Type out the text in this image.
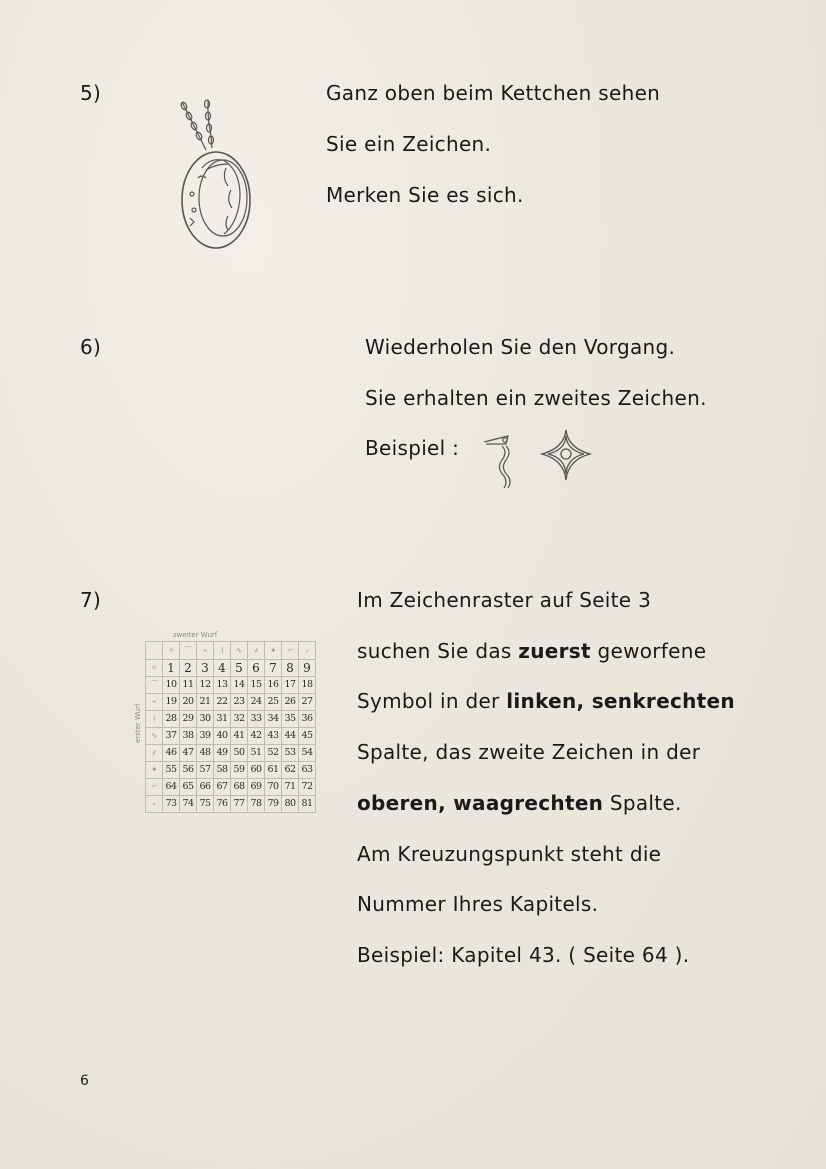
5)	Ganz oben beim Kettchen sehen
Sie ein Zeichen.
Merken Sie es sich.
6)	Wiederholen Sie den Vorgang.
Sie erhalten ein zweites Zeichen.
Beispiel :
7)
zweiter Wurf
erster Wurf
	✧	⌒	⌁	⌇	∿	⸙	✦	⌐	⸗
✧	1	2	3	4	5	6	7	8	9
⌒	10	11	12	13	14	15	16	17	18
⌁	19	20	21	22	23	24	25	26	27
⌇	28	29	30	31	32	33	34	35	36
∿	37	38	39	40	41	42	43	44	45
⸙	46	47	48	49	50	51	52	53	54
✦	55	56	57	58	59	60	61	62	63
⌐	64	65	66	67	68	69	70	71	72
⸗	73	74	75	76	77	78	79	80	81
Im Zeichenraster auf Seite 3
suchen Sie das zuerst geworfene
Symbol in der linken, senkrechten
Spalte, das zweite Zeichen in der
oberen, waagrechten Spalte.
Am Kreuzungspunkt steht die
Nummer Ihres Kapitels.
Beispiel: Kapitel 43. ( Seite 64 ).
6
